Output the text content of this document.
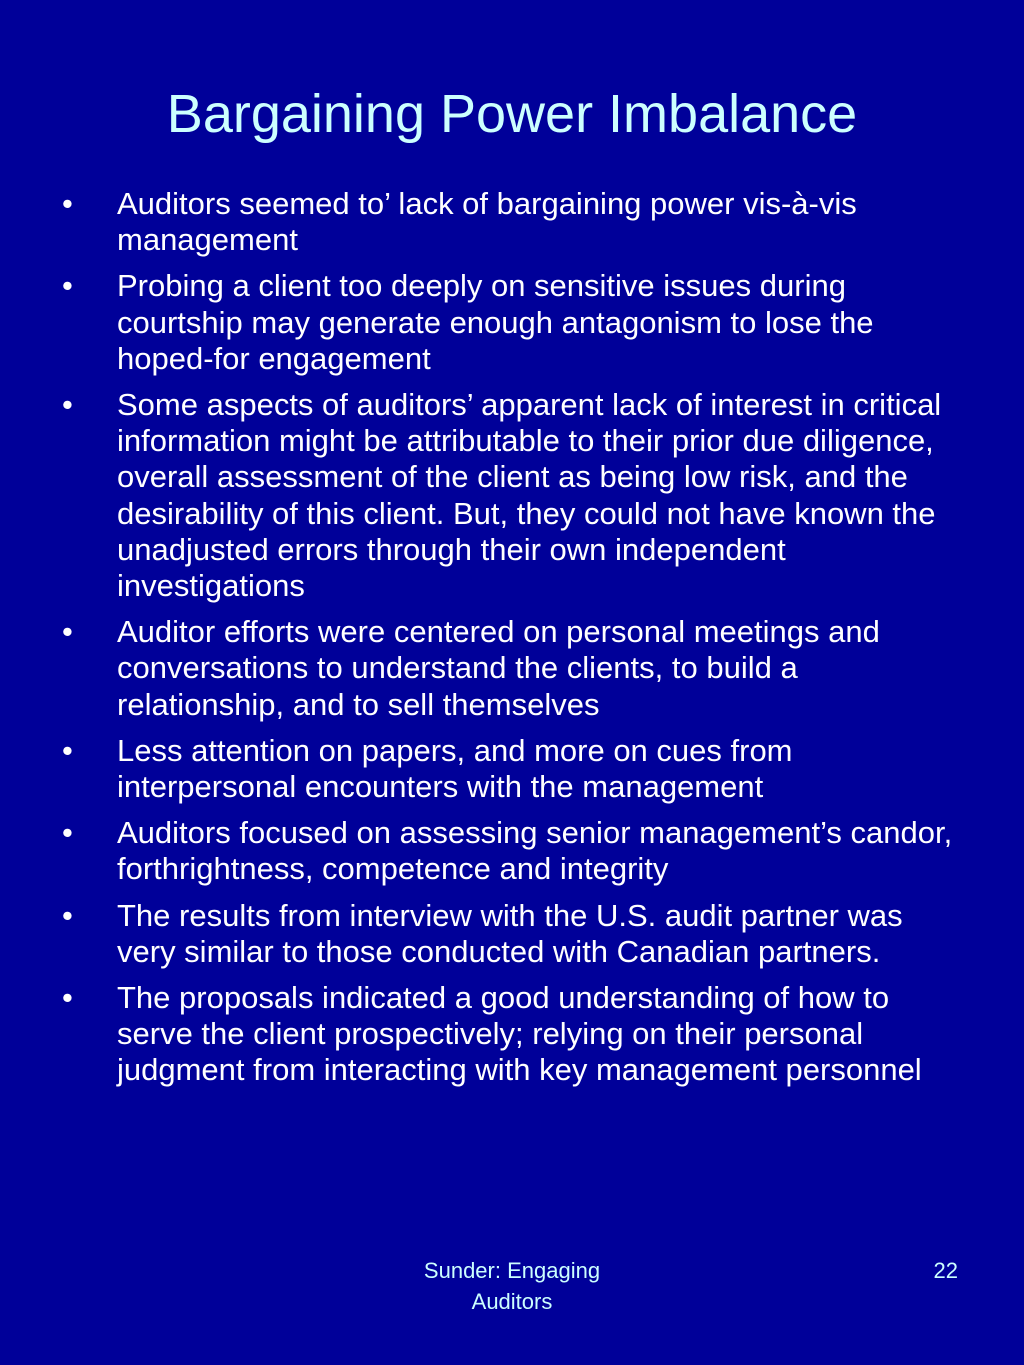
Bargaining Power Imbalance
•	Auditors seemed to’ lack of bargaining power vis-à-vis management
•	Probing a client too deeply on sensitive issues during courtship may generate enough antagonism to lose the hoped-for engagement
•	Some aspects of auditors’ apparent lack of interest in critical information might be attributable to their prior due diligence, overall assessment of the client as being low risk, and the desirability of this client. But, they could not have known the unadjusted errors through their own independent investigations
•	Auditor efforts were centered on personal meetings and conversations to understand the clients, to build a relationship, and to sell themselves
•	Less attention on papers, and more on cues from interpersonal encounters with the management
•	Auditors focused on assessing senior management’s candor, forthrightness, competence and integrity
•	The results from interview with the U.S. audit partner was very similar to those conducted with Canadian partners.
•	The proposals indicated a good understanding of how to serve the client prospectively; relying on their personal judgment from interacting with key management personnel
Sunder: Engaging
Auditors
22
